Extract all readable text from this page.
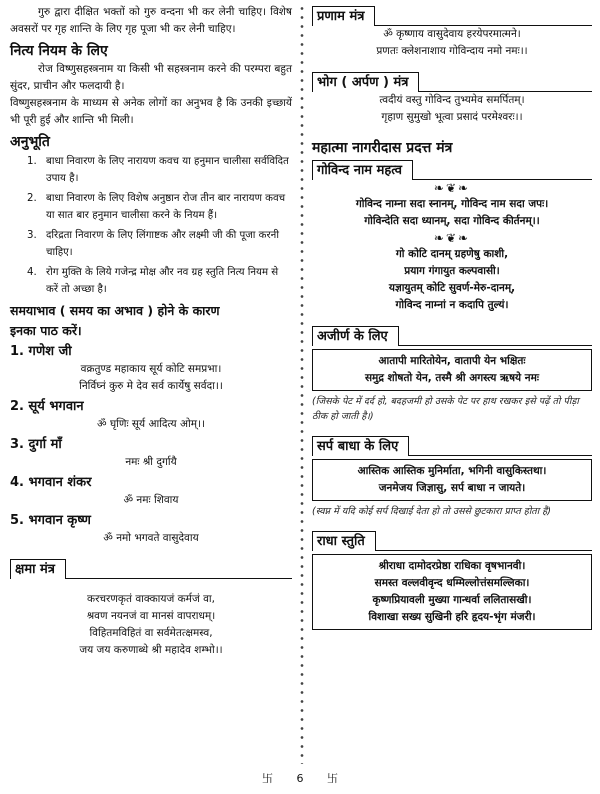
गुरु द्वारा दीक्षित भक्तों को गुरु वन्दना भी कर लेनी चाहिए। विशेष अवसरों पर गृह शान्ति के लिए गृह पूजा भी कर लेनी चाहिए।

नित्य नियम के लिए

रोज विष्णुसहस्त्रनाम या किसी भी सहस्त्रनाम करने की परम्परा बहुत सुंदर, प्राचीन और फलदायी है।

विष्णुसहस्त्रनाम के माध्यम से अनेक लोगों का अनुभव है कि उनकी इच्छायें भी पूरी हुई और शान्ति भी मिली।

अनुभूति
1. बाधा निवारण के लिए नारायण कवच या हनुमान चालीसा सर्वविदित उपाय है।
2. बाधा निवारण के लिए विशेष अनुष्ठान रोज तीन बार नारायण कवच या सात बार हनुमान चालीसा करने के नियम हैं।
3. दरिद्रता निवारण के लिए लिंगाष्टक और लक्ष्मी जी की पूजा करनी चाहिए।
4. रोग मुक्ति के लिये गजेन्द्र मोक्ष और नव ग्रह स्तुति नित्य नियम से करें तो अच्छा है।
समयाभाव ( समय का अभाव ) होने के कारण
इनका पाठ करें।
1. गणेश जी
वक्रतुण्ड महाकाय सूर्य कोटि समप्रभा।
निर्विघ्नं कुरु मे देव सर्व कार्येषु सर्वदा।।
2. सूर्य भगवान
ॐ घृणिः सूर्य आदित्य ओम्।।
3. दुर्गा माँ
नमः श्री दुर्गायै
4. भगवान शंकर
ॐ नमः शिवाय
5. भगवान कृष्ण
ॐ नमो भगवते वासुदेवाय
क्षमा मंत्र
करचरणकृतं वाक्कायजं कर्मजं वा,
श्रवण नयनजं वा मानसं वापराधम्।
विहितमविहितं वा सर्वमेतत्क्षमस्व,
जय जय करुणाब्धे श्री महादेव शम्भो।।
प्रणाम मंत्र
ॐ कृष्णाय वासुदेवाय हरयेपरमात्मने।
प्रणतः क्लेशनाशाय गोविन्दाय नमो नमः।।
भोग ( अर्पण ) मंत्र
त्वदीयं वस्तु गोविन्द तुभ्यमेव समर्पितम्।
गृहाण सुमुखो भूत्वा प्रसादं परमेश्वरः।।
महात्मा नागरीदास प्रदत्त मंत्र
गोविन्द नाम महत्व
❧❦❧
गोविन्द नाम्ना सदा स्नानम्, गोविन्द नाम सदा जपः।
गोविन्देति सदा ध्यानम्, सदा गोविन्द कीर्तनम्।।
❧❦❧
गो कोटि दानम् ग्रहणेषु काशी,
प्रयाग गंगायुत कल्पवासी।
यज्ञायुतम् कोटि सुवर्ण-मेरु-दानम्,
गोविन्द नाम्नां न कदापि तुल्यं।
अजीर्ण के लिए
आतापी मारितोयेन, वातापी येन भक्षितः
समुद्र शोषतो येन, तस्मै श्री अगस्त्य ऋषये नमः

(जिसके पेट में दर्द हो, बदहजमी हो उसके पेट पर हाथ रखकर इसे पढ़ें तो पीड़ा ठीक हो जाती है।)

सर्प बाधा के लिए
आस्तिक आस्तिक मुनिर्माता, भगिनी वासुकिस्तथा।
जनमेजय जिज्ञासु, सर्प बाधा न जायते।

(स्वप्न में यदि कोई सर्प दिखाई देता हो तो उससे छुटकारा प्राप्त होता है)

राधा स्तुति
श्रीराधा दामोदरप्रेष्ठा राधिका वृषभानवी।
समस्त वल्लवीवृन्द धम्मिल्लोत्तंसमल्लिका।
कृष्णप्रियावली मुख्या गान्धर्वा ललितासखी।
विशाखा सख्य सुखिनी हरि हृदय-भृंग मंजरी।
卐 6 卐
